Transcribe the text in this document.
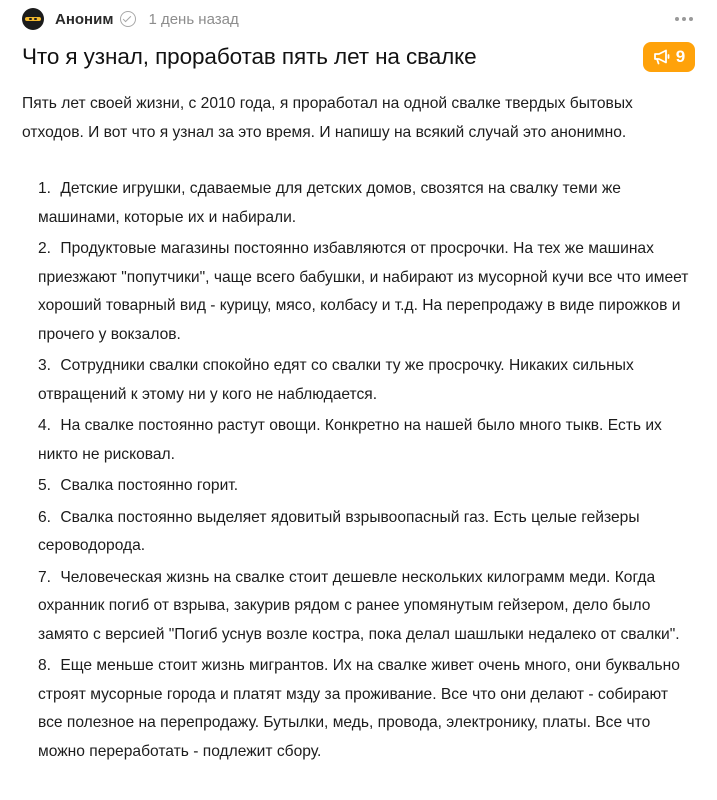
Аноним 1 день назад
Что я узнал, проработав пять лет на свалке	9

Пять лет своей жизни, с 2010 года, я проработал на одной свалке твердых бытовых отходов. И вот что я узнал за это время. И напишу на всякий случай это анонимно.

1. Детские игрушки, сдаваемые для детских домов, свозятся на свалку теми же машинами, которые их и набирали.
2. Продуктовые магазины постоянно избавляются от просрочки. На тех же машинах приезжают "попутчики", чаще всего бабушки, и набирают из мусорной кучи все что имеет хороший товарный вид - курицу, мясо, колбасу и т.д. На перепродажу в виде пирожков и прочего у вокзалов.
3. Сотрудники свалки спокойно едят со свалки ту же просрочку. Никаких сильных отвращений к этому ни у кого не наблюдается.
4. На свалке постоянно растут овощи. Конкретно на нашей было много тыкв. Есть их никто не рисковал.
5. Свалка постоянно горит.
6. Свалка постоянно выделяет ядовитый взрывоопасный газ. Есть целые гейзеры сероводорода.
7. Человеческая жизнь на свалке стоит дешевле нескольких килограмм меди. Когда охранник погиб от взрыва, закурив рядом с ранее упомянутым гейзером, дело было замято с версией "Погиб уснув возле костра, пока делал шашлыки недалеко от свалки".
8. Еще меньше стоит жизнь мигрантов. Их на свалке живет очень много, они буквально строят мусорные города и платят мзду за проживание. Все что они делают - собирают все полезное на перепродажу. Бутылки, медь, провода, электронику, платы. Все что можно переработать - подлежит сбору.
